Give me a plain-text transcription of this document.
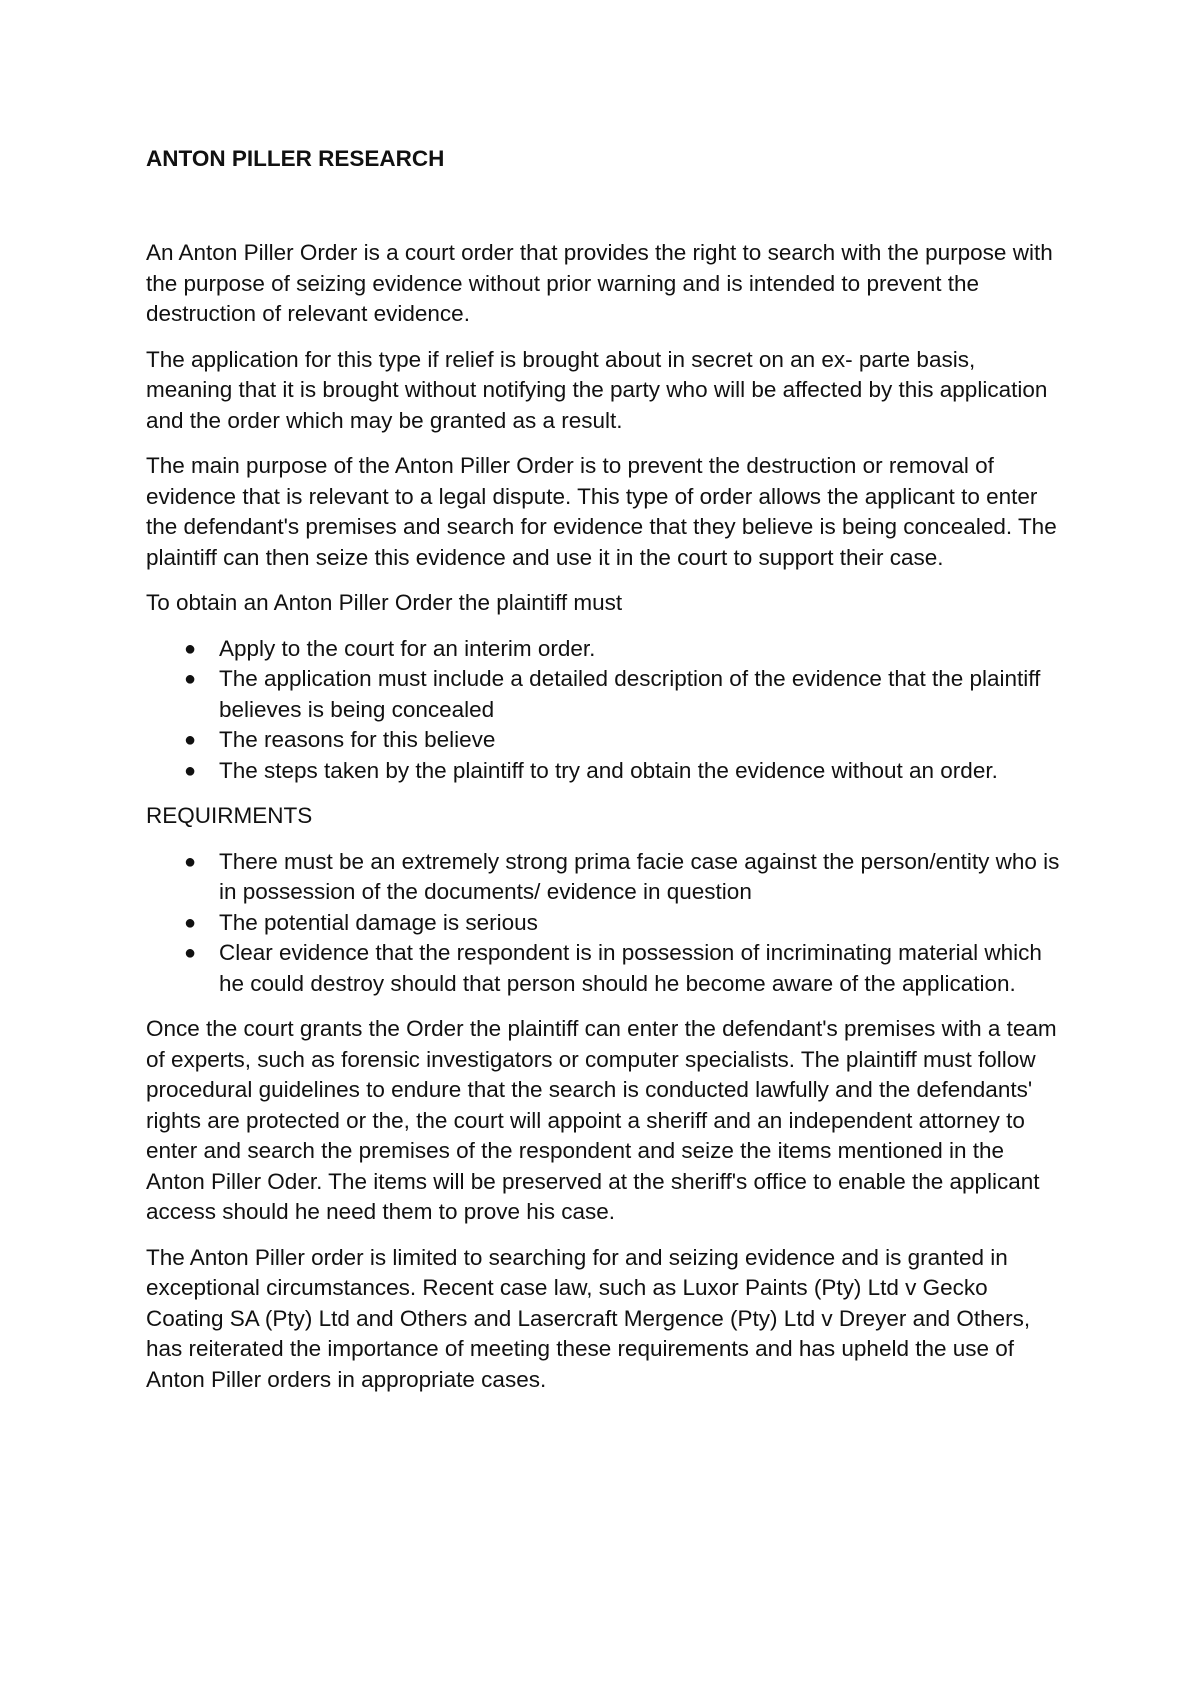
ANTON PILLER RESEARCH

An Anton Piller Order is a court order that provides the right to search with the purpose with the purpose of seizing evidence without prior warning and is intended to prevent the destruction of relevant evidence.

The application for this type if relief is brought about in secret on an ex- parte basis, meaning that it is brought without notifying the party who will be affected by this application and the order which may be granted as a result.

The main purpose of the Anton Piller Order is to prevent the destruction or removal of evidence that is relevant to a legal dispute. This type of order allows the applicant to enter the defendant's premises and search for evidence that they believe is being concealed. The plaintiff can then seize this evidence and use it in the court to support their case.

To obtain an Anton Piller Order the plaintiff must

● Apply to the court for an interim order.
● The application must include a detailed description of the evidence that the plaintiff believes is being concealed
● The reasons for this believe
● The steps taken by the plaintiff to try and obtain the evidence without an order.
REQUIRMENTS
● There must be an extremely strong prima facie case against the person/entity who is in possession of the documents/ evidence in question
● The potential damage is serious
● Clear evidence that the respondent is in possession of incriminating material which he could destroy should that person should he become aware of the application.

Once the court grants the Order the plaintiff can enter the defendant's premises with a team of experts, such as forensic investigators or computer specialists. The plaintiff must follow procedural guidelines to endure that the search is conducted lawfully and the defendants' rights are protected or the, the court will appoint a sheriff and an independent attorney to enter and search the premises of the respondent and seize the items mentioned in the Anton Piller Oder. The items will be preserved at the sheriff's office to enable the applicant access should he need them to prove his case.

The Anton Piller order is limited to searching for and seizing evidence and is granted in exceptional circumstances. Recent case law, such as Luxor Paints (Pty) Ltd v Gecko Coating SA (Pty) Ltd and Others and Lasercraft Mergence (Pty) Ltd v Dreyer and Others, has reiterated the importance of meeting these requirements and has upheld the use of Anton Piller orders in appropriate cases.
